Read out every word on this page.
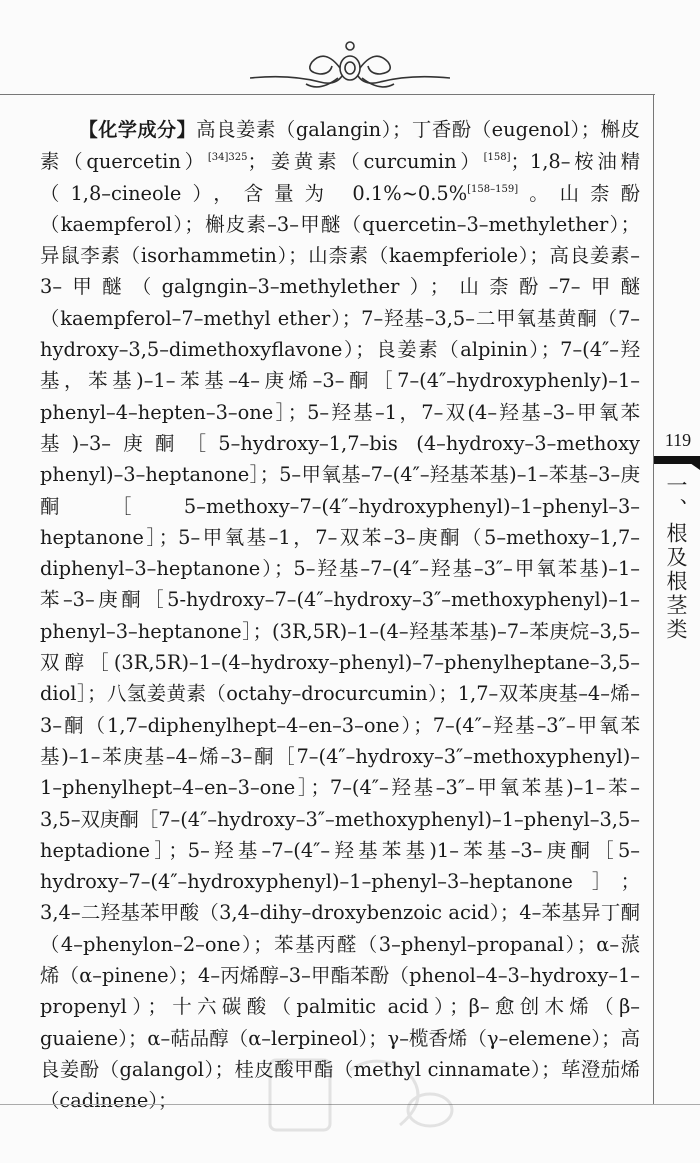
【化学成分】高良姜素（galangin）；丁香酚（eugenol）；槲皮素（quercetin）$^{[34]325}$；姜黄素（curcumin）[158]；1,8–桉油精（1,8–cineole），含量为 0.1%~0.5%[158–159]。山柰酚（kaempferol）；槲皮素–3–甲醚（quercetin–3–methylether）；异鼠李素（isorhammetin）；山柰素（kaempferiole）；高良姜素–3–甲醚（galgngin–3–methylether）；山柰酚–7–甲醚（kaempferol–7–methyl ether）；7–羟基–3,5–二甲氧基黄酮（7–hydroxy–3,5–dimethoxyflavone）；良姜素（alpinin）；7–(4″–羟基，苯基)–1–苯基–4–庚烯–3–酮［7–(4″–hydroxyphenly)–1–phenyl–4–hepten–3–one］；5–羟基–1，7–双(4–羟基–3–甲氧苯基)–3–庚酮［5–hydroxy–1,7–bis (4–hydroxy–3–methoxy phenyl)–3–heptanone］；5–甲氧基–7–(4″–羟基苯基)–1–苯基–3–庚酮［5–methoxy–7–(4″–hydroxyphenyl)–1–phenyl–3–heptanone］；5–甲氧基–1，7–双苯–3–庚酮（5–methoxy–1,7–diphenyl–3–heptanone）；5–羟基–7–(4″–羟基–3″–甲氧苯基)–1–苯–3–庚酮［5-hydroxy–7–(4″–hydroxy–3″–methoxyphenyl)–1–phenyl–3–heptanone］；(3R,5R)–1–(4–羟基苯基)–7–苯庚烷–3,5–双醇［(3R,5R)–1–(4–hydroxy–phenyl)–7–phenylheptane–3,5–diol］；八氢姜黄素（octahy–drocurcumin）；1,7–双苯庚基–4–烯–3–酮（1,7–diphenylhept–4–en–3–one）；7–(4″–羟基–3″–甲氧苯基)–1–苯庚基–4–烯–3–酮［7–(4″–hydroxy–3″–methoxyphenyl)–1–phenylhept–4–en–3–one］；7–(4″–羟基–3″–甲氧苯基)–1–苯–3,5–双庚酮［7–(4″–hydroxy–3″–methoxyphenyl)–1–phenyl–3,5–heptadione］；5–羟基–7–(4″–羟基苯基)1–苯基–3–庚酮［5–hydroxy–7–(4″–hydroxyphenyl)–1–phenyl–3–heptanone］；3,4–二羟基苯甲酸（3,4–dihy–droxybenzoic acid）；4–苯基异丁酮（4–phenylon–2–one）；苯基丙醛（3–phenyl–propanal）；α–蒎烯（α–pinene）；4–丙烯醇–3–甲酯苯酚（phenol–4–3–hydroxy–1–propenyl）；十六碳酸（palmitic acid）；β–愈创木烯（β–guaiene）；α–萜品醇（α–lerpineol）；γ–榄香烯（γ–elemene）；高良姜酚（galangol）；桂皮酸甲酯（methyl cinnamate）；荜澄茄烯（cadinene）；

119
一、根及根茎类
